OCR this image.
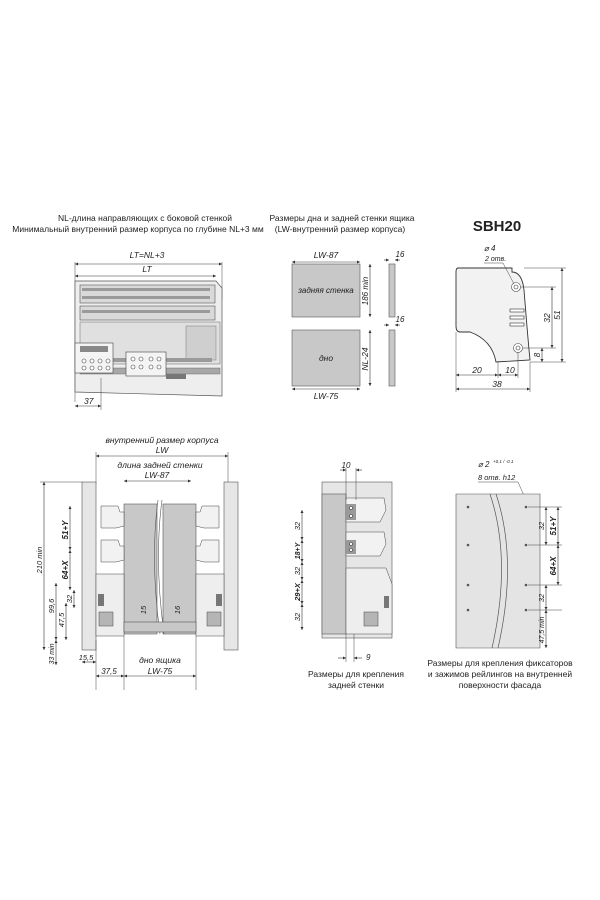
NL-длина направляющих с боковой стенкой
Минимальный внутренний размер корпуса по глубине NL+3 мм
Размеры дна и задней стенки ящика
(LW-внутренний размер корпуса)	SBH20
LT=NL+3
LT
37
LW-87
задняя стенка 186 min
16
дно	NL-24
16
LW-75
⌀ 4
2 отв.
32 51
8
20	10
38
внутренний размер корпуса
LW
длина задней стенки
LW-87
210 min
99,6
47,5
33 min
51+Y
64+X
32
15	16
15,5
37,5
дно ящика
LW-75
10
32
18+Y
32
29+X
32
9
Размеры для крепления
задней стенки
⌀ 2 +0.1 / -0.1
8 отв. h12
32 51+Y
64+X
32
47,5 min
Размеры для крепления фиксаторов
и зажимов рейлингов на внутренней
поверхности фасада
